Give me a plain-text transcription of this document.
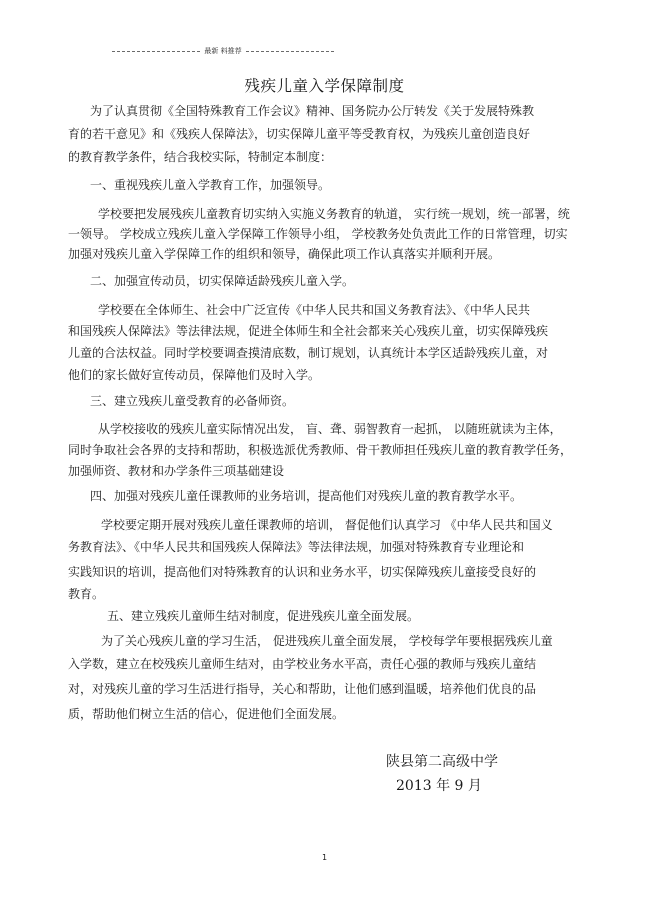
最新 料推荐
残疾儿童入学保障制度
为了认真贯彻《全国特殊教育工作会议》精神、国务院办公厅转发《关于发展特殊教
育的若干意见》和《残疾人保障法》，切实保障儿童平等受教育权，为残疾儿童创造良好
的教育教学条件，结合我校实际，特制定本制度：
一、重视残疾儿童入学教育工作，加强领导。
学校要把发展残疾儿童教育切实纳入实施义务教育的轨道， 实行统一规划，统一部署，统
一领导。 学校成立残疾儿童入学保障工作领导小组， 学校教务处负责此工作的日常管理，切实
加强对残疾儿童入学保障工作的组织和领导，确保此项工作认真落实并顺利开展。
二、加强宣传动员，切实保障适龄残疾儿童入学。
学校要在全体师生、社会中广泛宣传《中华人民共和国义务教育法》、《中华人民共
和国残疾人保障法》等法律法规，促进全体师生和全社会都来关心残疾儿童，切实保障残疾
儿童的合法权益。同时学校要调查摸清底数，制订规划，认真统计本学区适龄残疾儿童，对
他们的家长做好宣传动员，保障他们及时入学。
三、建立残疾儿童受教育的必备师资。
从学校接收的残疾儿童实际情况出发， 盲、聋、弱智教育一起抓， 以随班就读为主体，
同时争取社会各界的支持和帮助，积极选派优秀教师、骨干教师担任残疾儿童的教育教学任务，
加强师资、教材和办学条件三项基础建设
四、加强对残疾儿童任课教师的业务培训，提高他们对残疾儿童的教育教学水平。
学校要定期开展对残疾儿童任课教师的培训， 督促他们认真学习 《中华人民共和国义
务教育法》、《中华人民共和国残疾人保障法》等法律法规，加强对特殊教育专业理论和
实践知识的培训，提高他们对特殊教育的认识和业务水平，切实保障残疾儿童接受良好的
教育。
五、建立残疾儿童师生结对制度，促进残疾儿童全面发展。
为了关心残疾儿童的学习生活， 促进残疾儿童全面发展， 学校每学年要根据残疾儿童
入学数，建立在校残疾儿童师生结对，由学校业务水平高，责任心强的教师与残疾儿童结
对，对残疾儿童的学习生活进行指导，关心和帮助，让他们感到温暖，培养他们优良的品
质，帮助他们树立生活的信心，促进他们全面发展。
陕县第二高级中学
2013 年 9 月
1
